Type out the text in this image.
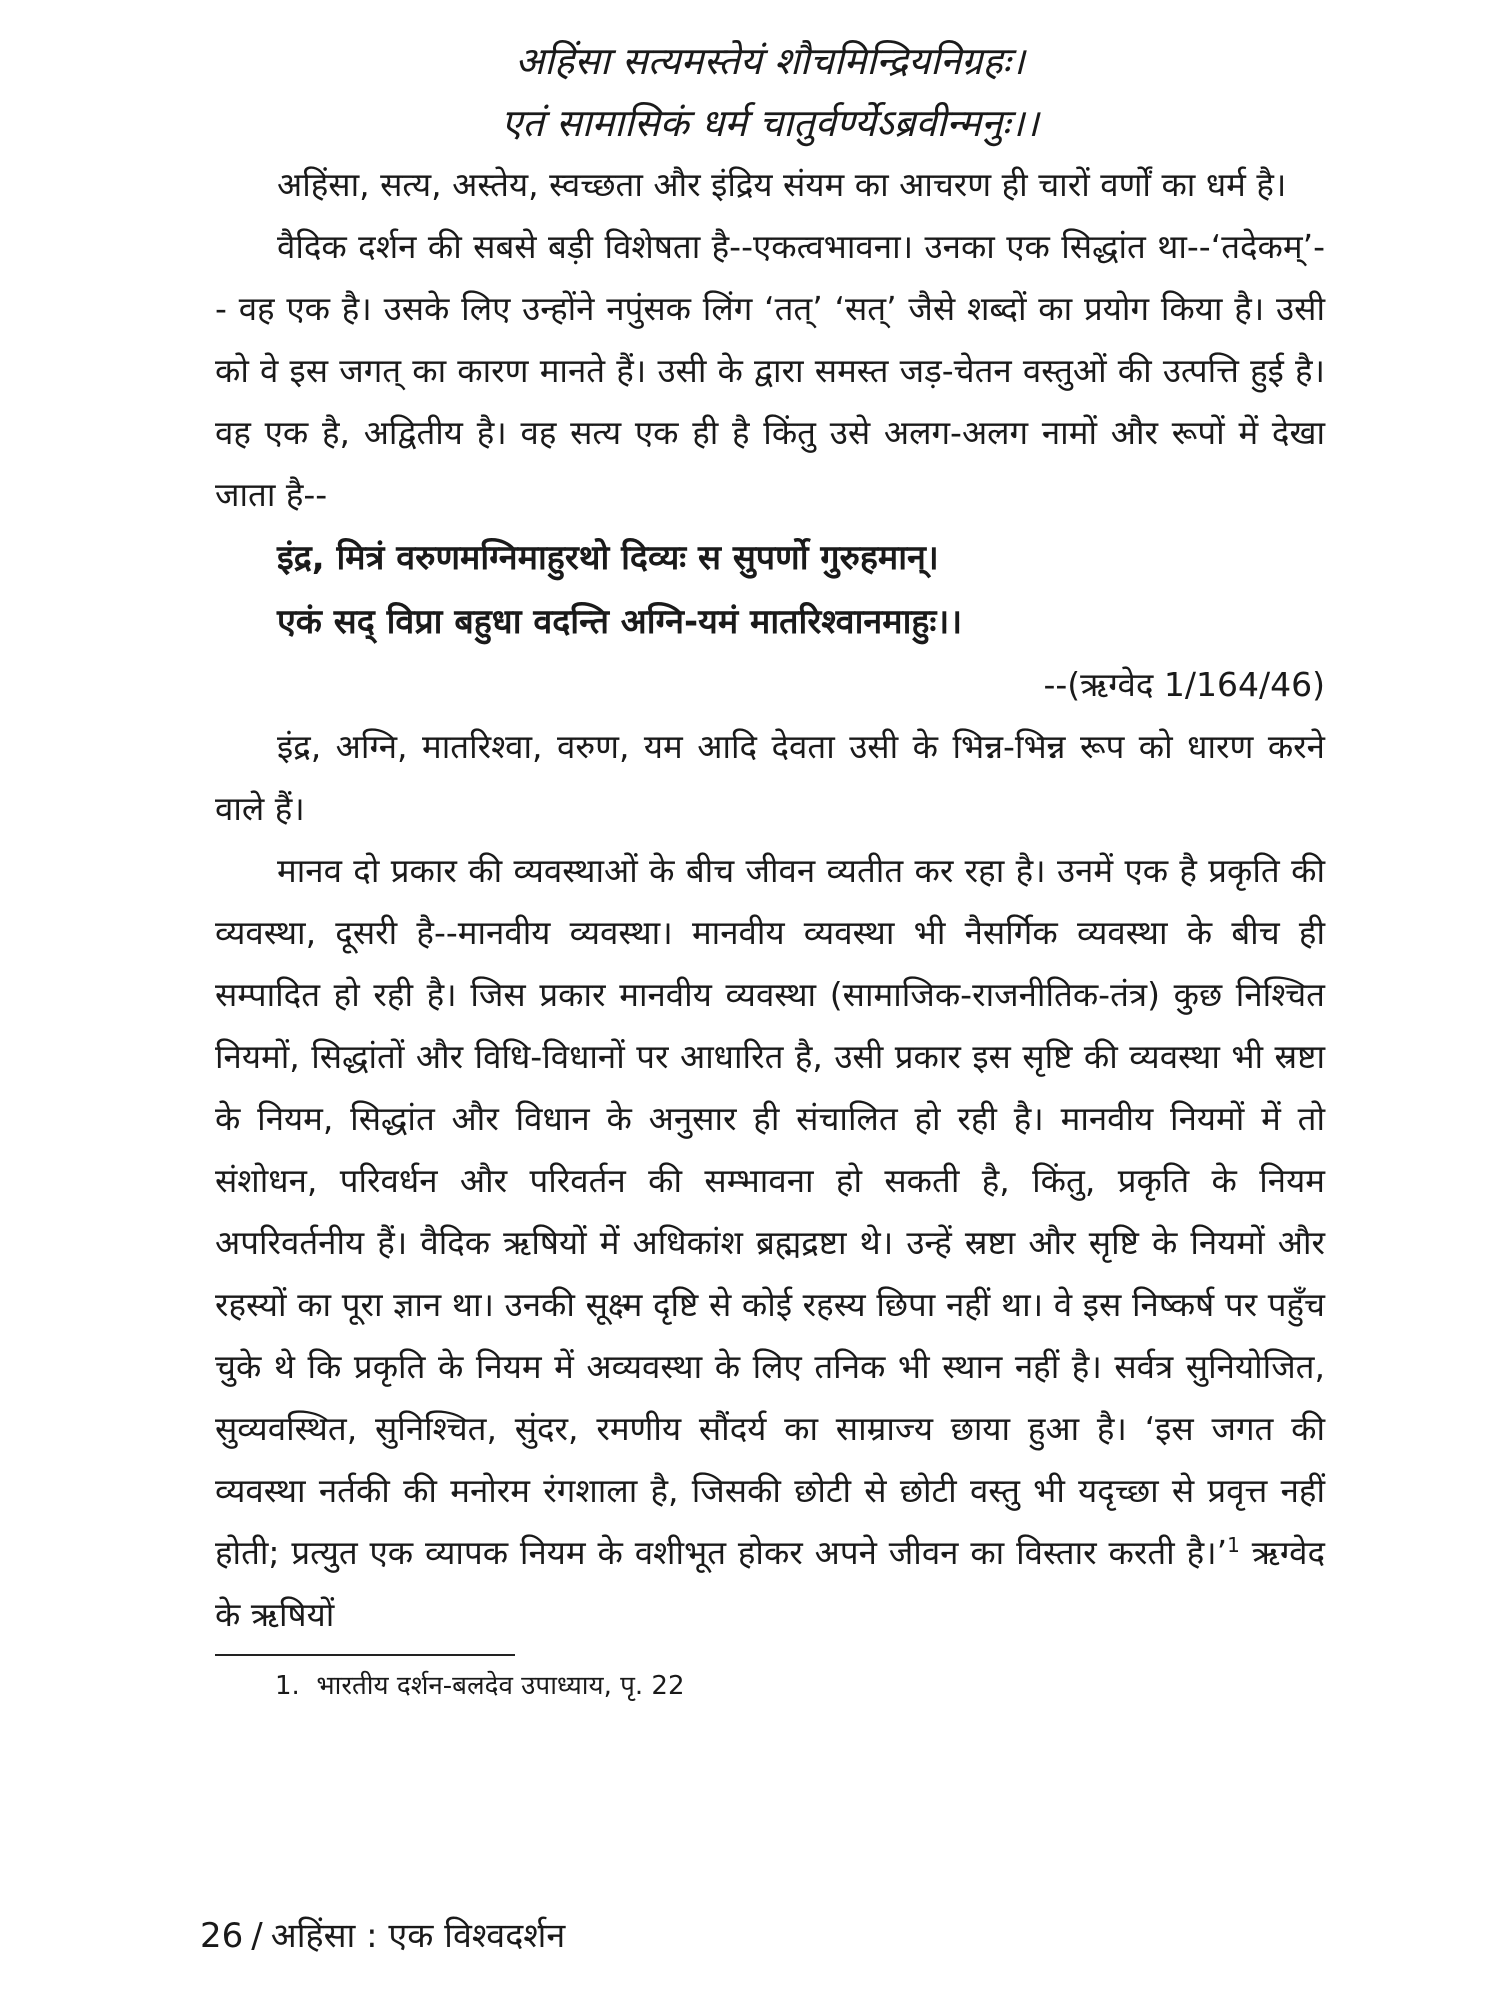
अहिंसा सत्यमस्तेयं शौचमिन्द्रियनिग्रहः।

एतं सामासिकं धर्म चातुर्वर्ण्येऽब्रवीन्मनुः।।

अहिंसा, सत्य, अस्तेय, स्वच्छता और इंद्रिय संयम का आचरण ही चारों वर्णों का धर्म है।

वैदिक दर्शन की सबसे बड़ी विशेषता है--एकत्वभावना। उनका एक सिद्धांत था--‘तदेकम्’-- वह एक है। उसके लिए उन्होंने नपुंसक लिंग ‘तत्’ ‘सत्’ जैसे शब्दों का प्रयोग किया है। उसी को वे इस जगत् का कारण मानते हैं। उसी के द्वारा समस्त जड़-चेतन वस्तुओं की उत्पत्ति हुई है। वह एक है, अद्वितीय है। वह सत्य एक ही है किंतु उसे अलग-अलग नामों और रूपों में देखा जाता है--

इंद्र, मित्रं वरुणमग्निमाहुरथो दिव्यः स सुपर्णो गुरुहमान्।

एकं सद् विप्रा बहुधा वदन्ति अग्नि-यमं मातरिश्वानमाहुः।।

--(ऋग्वेद 1/164/46)

इंद्र, अग्नि, मातरिश्वा, वरुण, यम आदि देवता उसी के भिन्न-भिन्न रूप को धारण करने वाले हैं।

मानव दो प्रकार की व्यवस्थाओं के बीच जीवन व्यतीत कर रहा है। उनमें एक है प्रकृति की व्यवस्था, दूसरी है--मानवीय व्यवस्था। मानवीय व्यवस्था भी नैसर्गिक व्यवस्था के बीच ही सम्पादित हो रही है। जिस प्रकार मानवीय व्यवस्था (सामाजिक-राजनीतिक-तंत्र) कुछ निश्चित नियमों, सिद्धांतों और विधि-विधानों पर आधारित है, उसी प्रकार इस सृष्टि की व्यवस्था भी स्रष्टा के नियम, सिद्धांत और विधान के अनुसार ही संचालित हो रही है। मानवीय नियमों में तो संशोधन, परिवर्धन और परिवर्तन की सम्भावना हो सकती है, किंतु, प्रकृति के नियम अपरिवर्तनीय हैं। वैदिक ऋषियों में अधिकांश ब्रह्मद्रष्टा थे। उन्हें स्रष्टा और सृष्टि के नियमों और रहस्यों का पूरा ज्ञान था। उनकी सूक्ष्म दृष्टि से कोई रहस्य छिपा नहीं था। वे इस निष्कर्ष पर पहुँच चुके थे कि प्रकृति के नियम में अव्यवस्था के लिए तनिक भी स्थान नहीं है। सर्वत्र सुनियोजित, सुव्यवस्थित, सुनिश्चित, सुंदर, रमणीय सौंदर्य का साम्राज्य छाया हुआ है। ‘इस जगत की व्यवस्था नर्तकी की मनोरम रंगशाला है, जिसकी छोटी से छोटी वस्तु भी यदृच्छा से प्रवृत्त नहीं होती; प्रत्युत एक व्यापक नियम के वशीभूत होकर अपने जीवन का विस्तार करती है।’$^1$ ऋग्वेद के ऋषियों

1. भारतीय दर्शन-बलदेव उपाध्याय, पृ. 22

26 / अहिंसा : एक विश्वदर्शन
